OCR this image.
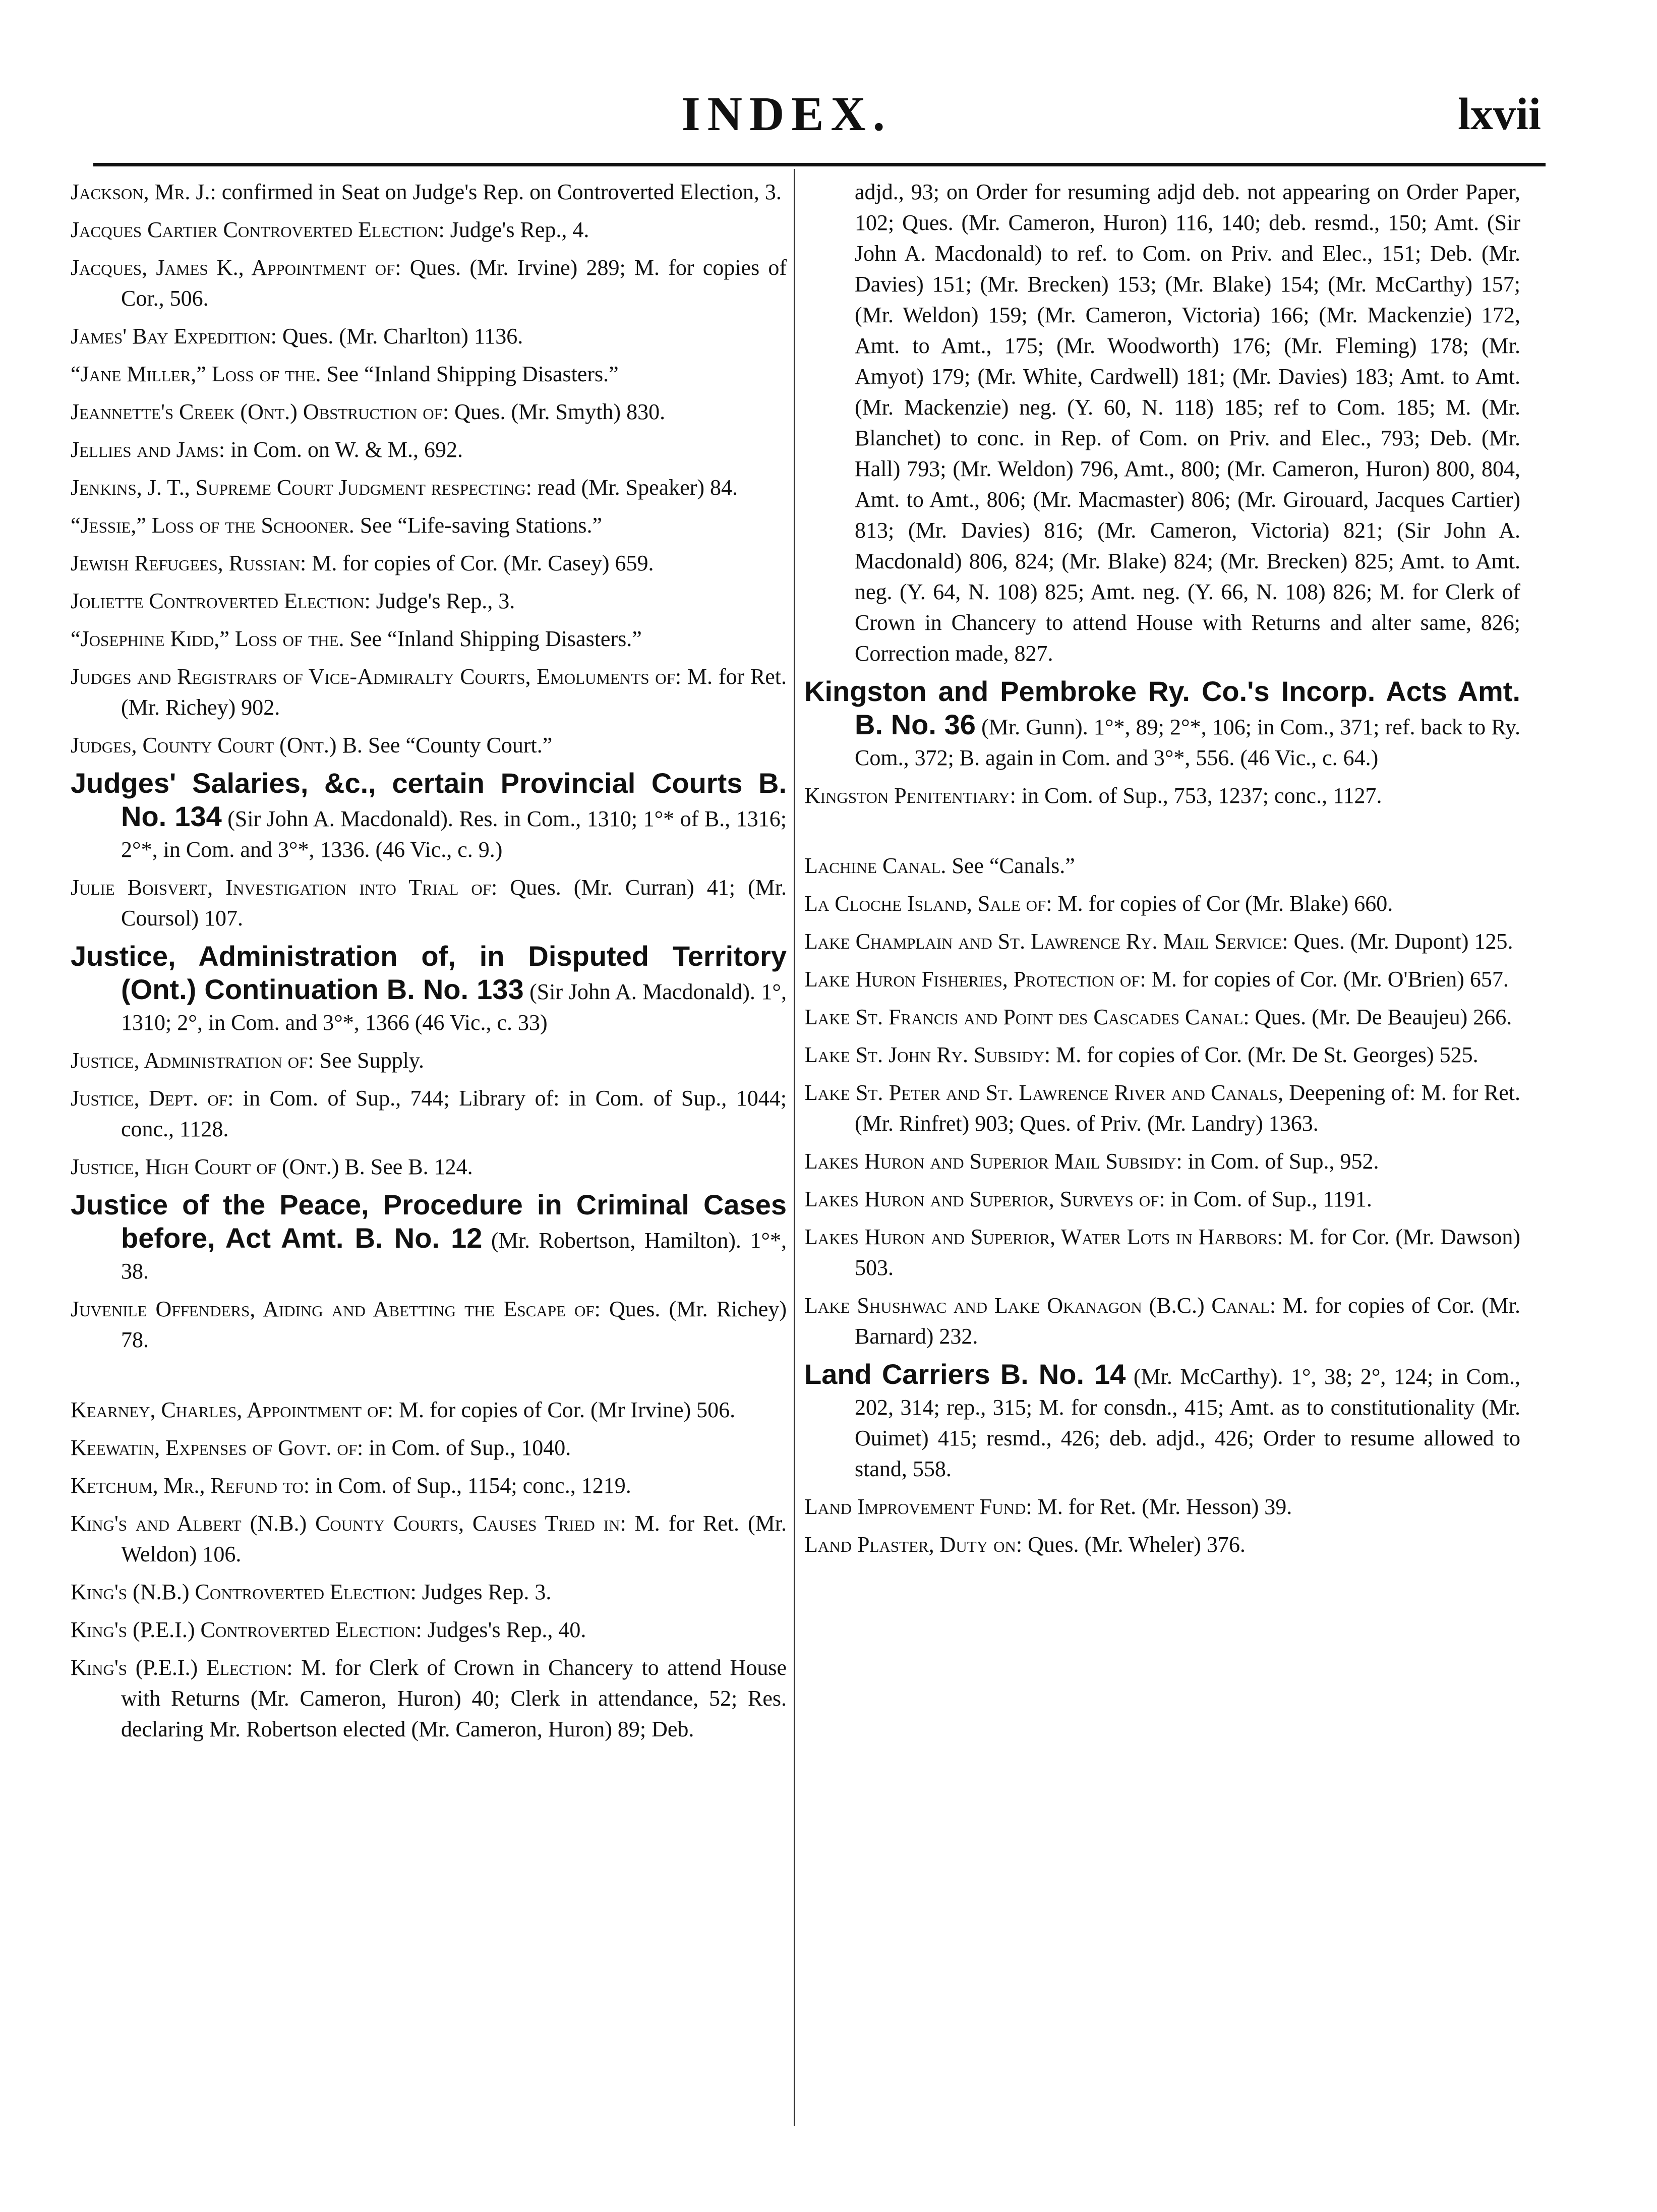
INDEX.	lxvii
Jackson, Mr. J.: confirmed in Seat on Judge's Rep. on Controverted Election, 3.
Jacques Cartier Controverted Election: Judge's Rep., 4.
Jacques, James K., Appointment of: Ques. (Mr. Irvine) 289; M. for copies of Cor., 506.
James' Bay Expedition: Ques. (Mr. Charlton) 1136.
“Jane Miller,” Loss of the. See “Inland Shipping Disasters.”
Jeannette's Creek (Ont.) Obstruction of: Ques. (Mr. Smyth) 830.
Jellies and Jams: in Com. on W. & M., 692.
Jenkins, J. T., Supreme Court Judgment respecting: read (Mr. Speaker) 84.
“Jessie,” Loss of the Schooner. See “Life-saving Stations.”
Jewish Refugees, Russian: M. for copies of Cor. (Mr. Casey) 659.
Joliette Controverted Election: Judge's Rep., 3.
“Josephine Kidd,” Loss of the. See “Inland Shipping Disasters.”
Judges and Registrars of Vice-Admiralty Courts, Emoluments of: M. for Ret. (Mr. Richey) 902.
Judges, County Court (Ont.) B. See “County Court.”
Judges' Salaries, &c., certain Provincial Courts B. No. 134 (Sir John A. Macdonald). Res. in Com., 1310; 1°* of B., 1316; 2°*, in Com. and 3°*, 1336. (46 Vic., c. 9.)
Julie Boisvert, Investigation into Trial of: Ques. (Mr. Curran) 41; (Mr. Coursol) 107.
Justice, Administration of, in Disputed Territory (Ont.) Continuation B. No. 133 (Sir John A. Macdonald). 1°, 1310; 2°, in Com. and 3°*, 1366 (46 Vic., c. 33)
Justice, Administration of: See Supply.
Justice, Dept. of: in Com. of Sup., 744; Library of: in Com. of Sup., 1044; conc., 1128.
Justice, High Court of (Ont.) B. See B. 124.
Justice of the Peace, Procedure in Criminal Cases before, Act Amt. B. No. 12 (Mr. Robertson, Hamilton). 1°*, 38.
Juvenile Offenders, Aiding and Abetting the Escape of: Ques. (Mr. Richey) 78.
Kearney, Charles, Appointment of: M. for copies of Cor. (Mr Irvine) 506.
Keewatin, Expenses of Govt. of: in Com. of Sup., 1040.
Ketchum, Mr., Refund to: in Com. of Sup., 1154; conc., 1219.
King's and Albert (N.B.) County Courts, Causes Tried in: M. for Ret. (Mr. Weldon) 106.
King's (N.B.) Controverted Election: Judges Rep. 3.
King's (P.E.I.) Controverted Election: Judges's Rep., 40.
King's (P.E.I.) Election: M. for Clerk of Crown in Chancery to attend House with Returns (Mr. Cameron, Huron) 40; Clerk in attendance, 52; Res. declaring Mr. Robertson elected (Mr. Cameron, Huron) 89; Deb.
adjd., 93; on Order for resuming adjd deb. not appearing on Order Paper, 102; Ques. (Mr. Cameron, Huron) 116, 140; deb. resmd., 150; Amt. (Sir John A. Macdonald) to ref. to Com. on Priv. and Elec., 151; Deb. (Mr. Davies) 151; (Mr. Brecken) 153; (Mr. Blake) 154; (Mr. McCarthy) 157; (Mr. Weldon) 159; (Mr. Cameron, Victoria) 166; (Mr. Mackenzie) 172, Amt. to Amt., 175; (Mr. Woodworth) 176; (Mr. Fleming) 178; (Mr. Amyot) 179; (Mr. White, Cardwell) 181; (Mr. Davies) 183; Amt. to Amt. (Mr. Mackenzie) neg. (Y. 60, N. 118) 185; ref to Com. 185; M. (Mr. Blanchet) to conc. in Rep. of Com. on Priv. and Elec., 793; Deb. (Mr. Hall) 793; (Mr. Weldon) 796, Amt., 800; (Mr. Cameron, Huron) 800, 804, Amt. to Amt., 806; (Mr. Macmaster) 806; (Mr. Girouard, Jacques Cartier) 813; (Mr. Davies) 816; (Mr. Cameron, Victoria) 821; (Sir John A. Macdonald) 806, 824; (Mr. Blake) 824; (Mr. Brecken) 825; Amt. to Amt. neg. (Y. 64, N. 108) 825; Amt. neg. (Y. 66, N. 108) 826; M. for Clerk of Crown in Chancery to attend House with Returns and alter same, 826; Correction made, 827.
Kingston and Pembroke Ry. Co.'s Incorp. Acts Amt. B. No. 36 (Mr. Gunn). 1°*, 89; 2°*, 106; in Com., 371; ref. back to Ry. Com., 372; B. again in Com. and 3°*, 556. (46 Vic., c. 64.)
Kingston Penitentiary: in Com. of Sup., 753, 1237; conc., 1127.
Lachine Canal. See “Canals.”
La Cloche Island, Sale of: M. for copies of Cor (Mr. Blake) 660.
Lake Champlain and St. Lawrence Ry. Mail Service: Ques. (Mr. Dupont) 125.
Lake Huron Fisheries, Protection of: M. for copies of Cor. (Mr. O'Brien) 657.
Lake St. Francis and Point des Cascades Canal: Ques. (Mr. De Beaujeu) 266.
Lake St. John Ry. Subsidy: M. for copies of Cor. (Mr. De St. Georges) 525.
Lake St. Peter and St. Lawrence River and Canals, Deepening of: M. for Ret. (Mr. Rinfret) 903; Ques. of Priv. (Mr. Landry) 1363.
Lakes Huron and Superior Mail Subsidy: in Com. of Sup., 952.
Lakes Huron and Superior, Surveys of: in Com. of Sup., 1191.
Lakes Huron and Superior, Water Lots in Harbors: M. for Cor. (Mr. Dawson) 503.
Lake Shushwac and Lake Okanagon (B.C.) Canal: M. for copies of Cor. (Mr. Barnard) 232.
Land Carriers B. No. 14 (Mr. McCarthy). 1°, 38; 2°, 124; in Com., 202, 314; rep., 315; M. for consdn., 415; Amt. as to constitutionality (Mr. Ouimet) 415; resmd., 426; deb. adjd., 426; Order to resume allowed to stand, 558.
Land Improvement Fund: M. for Ret. (Mr. Hesson) 39.
Land Plaster, Duty on: Ques. (Mr. Wheler) 376.
